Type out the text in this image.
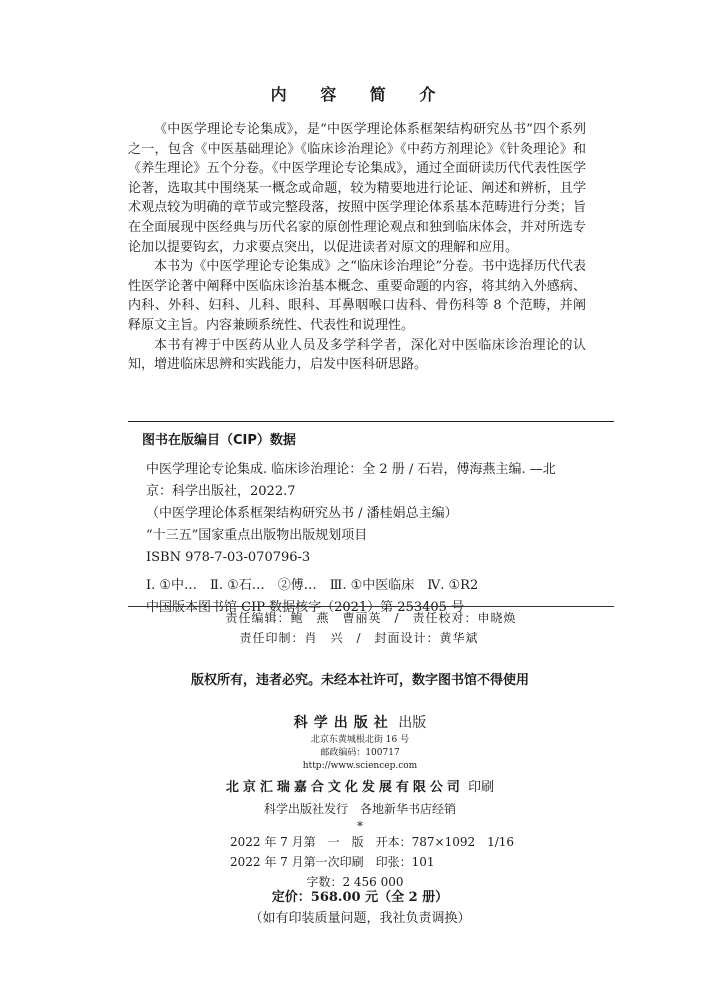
内 容 简 介

《中医学理论专论集成》，是“中医学理论体系框架结构研究丛书”四个系列之一，包含《中医基础理论》《临床诊治理论》《中药方剂理论》《针灸理论》和《养生理论》五个分卷。《中医学理论专论集成》，通过全面研读历代代表性医学论著，选取其中围绕某一概念或命题，较为精要地进行论证、阐述和辨析，且学术观点较为明确的章节或完整段落，按照中医学理论体系基本范畴进行分类；旨在全面展现中医经典与历代名家的原创性理论观点和独到临床体会，并对所选专论加以提要钩玄，力求要点突出，以促进读者对原文的理解和应用。

本书为《中医学理论专论集成》之“临床诊治理论”分卷。书中选择历代代表性医学论著中阐释中医临床诊治基本概念、重要命题的内容，将其纳入外感病、内科、外科、妇科、儿科、眼科、耳鼻咽喉口齿科、骨伤科等 8 个范畴，并阐释原文主旨。内容兼顾系统性、代表性和说理性。

本书有裨于中医药从业人员及多学科学者，深化对中医临床诊治理论的认知，增进临床思辨和实践能力，启发中医科研思路。

图书在版编目（CIP）数据
中医学理论专论集成. 临床诊治理论：全 2 册 / 石岩，傅海燕主编. —北
京：科学出版社，2022.7
（中医学理论体系框架结构研究丛书 / 潘桂娟总主编）
“十三五”国家重点出版物出版规划项目
ISBN 978-7-03-070796-3
Ⅰ. ①中…　Ⅱ. ①石…　②傅…　Ⅲ. ①中医临床　Ⅳ. ①R2
中国版本图书馆 CIP 数据核字（2021）第 253405 号
责任编辑：鲍　燕　曹丽英　/　责任校对：申晓焕
责任印制：肖　兴　/　封面设计：黄华斌
版权所有，违者必究。未经本社许可，数字图书馆不得使用
科学出版社 出版
北京东黄城根北街 16 号
邮政编码：100717
http://www.sciencep.com
北京汇瑞嘉合文化发展有限公司 印刷
科学出版社发行　各地新华书店经销
*
2022 年 7 月第　一　版　开本：787×1092　1/16
2022 年 7 月第一次印刷　印张：101
字数：2 456 000
定价：568.00 元（全 2 册）
（如有印装质量问题，我社负责调换）
